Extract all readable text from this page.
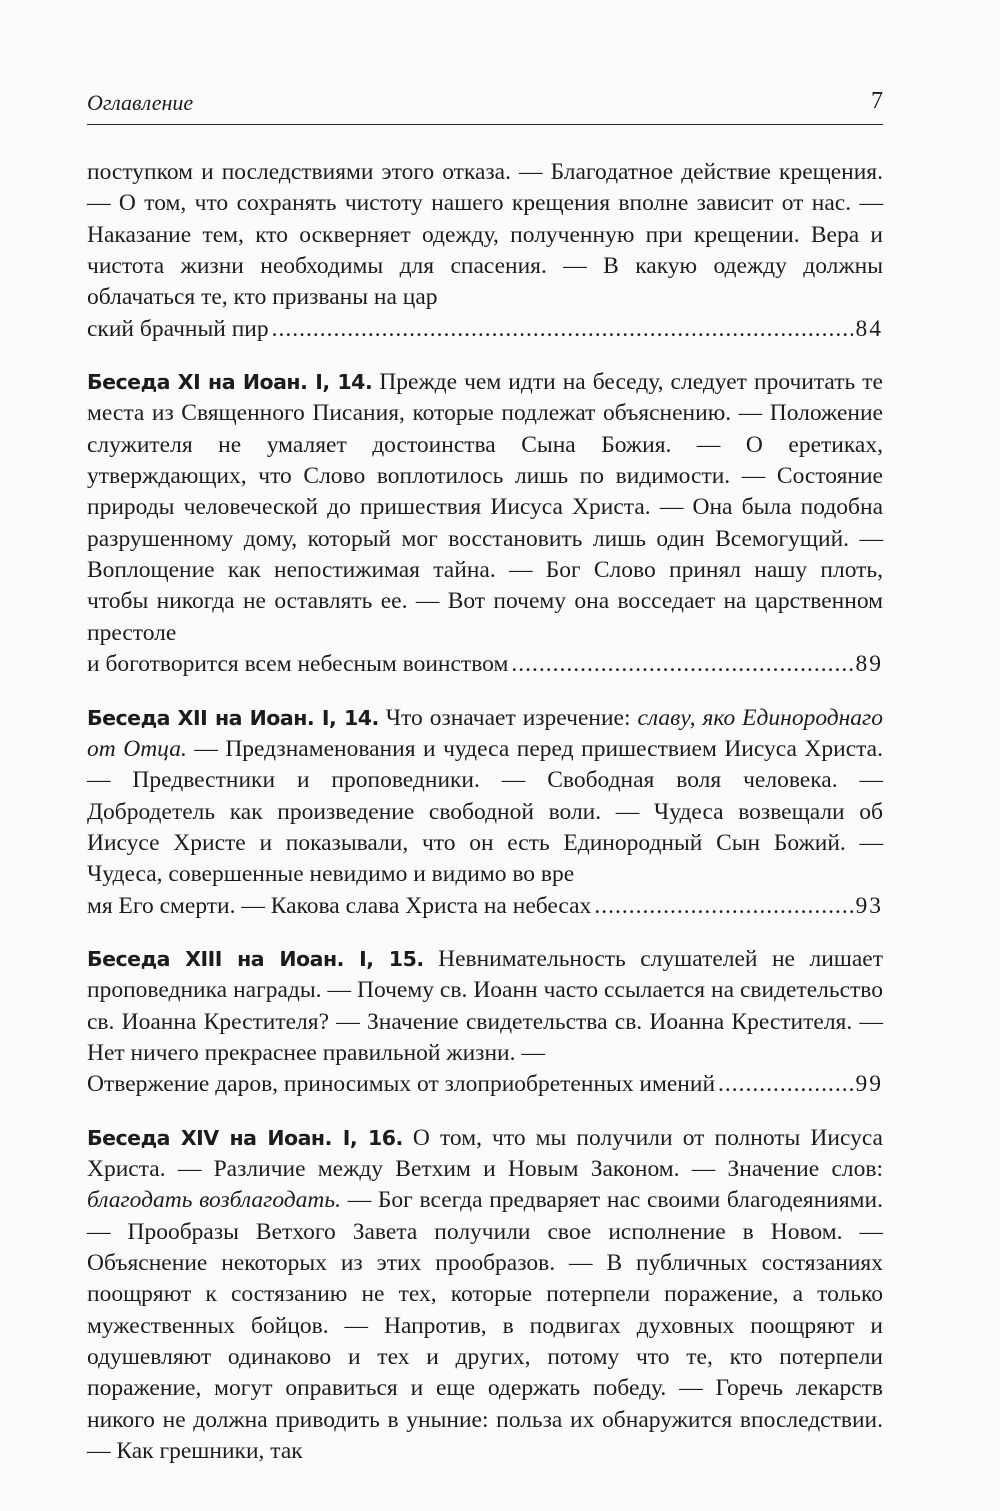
Оглавление	7
поступком и последствиями этого отказа. — Благодатное действие крещения. — О том, что сохранять чистоту нашего крещения вполне зависит от нас. — Наказание тем, кто оскверняет одежду, полученную при крещении. Вера и чистота жизни необходимы для спасения. — В какую одежду должны облачаться те, кто призваны на цар
ский брачный пир .....	84
Беседа XI на Иоан. I, 14. Прежде чем идти на беседу, следует прочитать те места из Священного Писания, которые подлежат объяснению. — Положение служителя не умаляет достоинства Сына Божия. — О еретиках, утверждающих, что Слово воплотилось лишь по видимости. — Состояние природы человеческой до пришествия Иисуса Христа. — Она была подобна разрушенному дому, который мог восстановить лишь один Всемогущий. — Воплощение как непостижимая тайна. — Бог Слово принял нашу плоть, чтобы никогда не оставлять ее. — Вот почему она восседает на царственном престоле
и боготворится всем небесным воинством .....	89
Беседа XII на Иоан. I, 14. Что означает изречение: славу, яко Единороднаго от Отца. — Предзнаменования и чудеса перед пришествием Иисуса Христа. — Предвестники и проповедники. — Свободная воля человека. — Добродетель как произведение свободной воли. — Чудеса возвещали об Иисусе Христе и показывали, что он есть Единородный Сын Божий. — Чудеса, совершенные невидимо и видимо во вре
мя Его смерти. — Какова слава Христа на небесах .....	93
Беседа XIII на Иоан. I, 15. Невнимательность слушателей не лишает проповедника награды. — Почему св. Иоанн часто ссылается на свидетельство св. Иоанна Крестителя? — Значение свидетельства св. Иоанна Крестителя. — Нет ничего прекраснее правильной жизни. —
Отвержение даров, приносимых от злоприобретенных имений .....	99
Беседа XIV на Иоан. I, 16. О том, что мы получили от полноты Иисуса Христа. — Различие между Ветхим и Новым Законом. — Значение слов: благодать возблагодать. — Бог всегда предваряет нас своими благодеяниями. — Прообразы Ветхого Завета получили свое исполнение в Новом. — Объяснение некоторых из этих прообразов. — В публичных состязаниях поощряют к состязанию не тех, которые потерпели поражение, а только мужественных бойцов. — Напротив, в подвигах духовных поощряют и одушевляют одинаково и тех и других, потому что те, кто потерпели поражение, могут оправиться и еще одержать победу. — Горечь лекарств никого не должна приводить в уныние: польза их обнаружится впоследствии. — Как грешники, так
